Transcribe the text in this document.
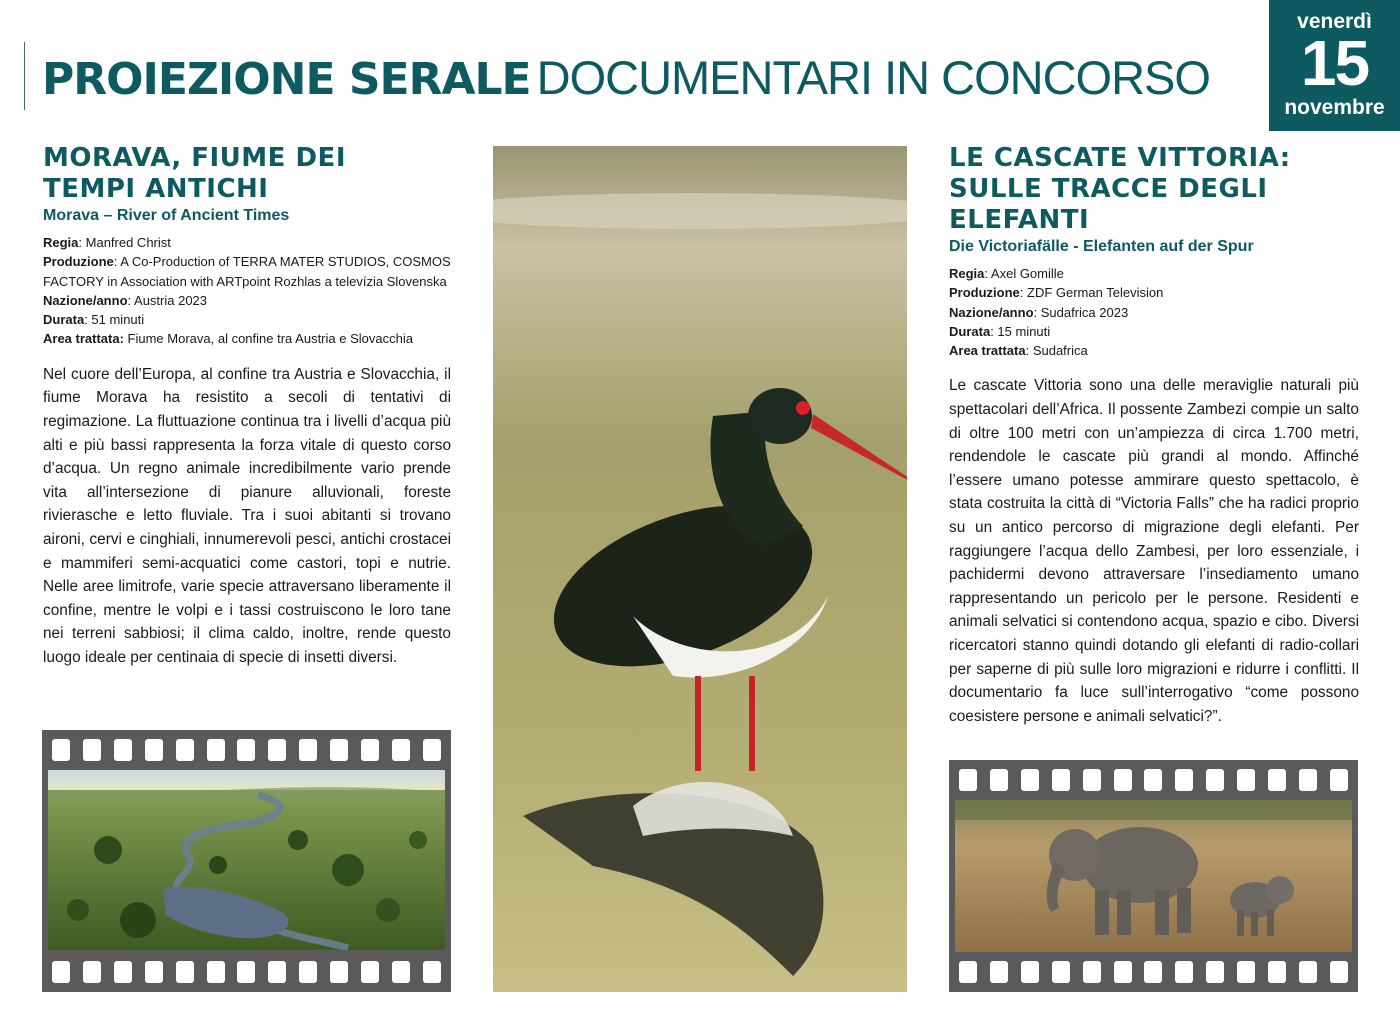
PROIEZIONE SERALE DOCUMENTARI IN CONCORSO
venerdì
15
novembre
MORAVA, FIUME DEI
TEMPI ANTICHI
Morava – River of Ancient Times
Regia: Manfred Christ
Produzione: A Co-Production of TERRA MATER STUDIOS, COSMOS FACTORY in Association with ARTpoint Rozhlas a televízia Slovenska
Nazione/anno: Austria 2023
Durata: 51 minuti
Area trattata: Fiume Morava, al confine tra Austria e Slovacchia
Nel cuore dell’Europa, al confine tra Austria e Slovacchia, il fiume Morava ha resistito a secoli di tentativi di regimazione. La fluttuazione continua tra i livelli d’acqua più alti e più bassi rappresenta la forza vitale di questo corso d’acqua. Un regno animale incredibilmente vario prende vita all’intersezione di pianure alluvionali, foreste rivierasche e letto fluviale. Tra i suoi abitanti si trovano aironi, cervi e cinghiali, innumerevoli pesci, antichi crostacei e mammiferi semi-acquatici come castori, topi e nutrie. Nelle aree limitrofe, varie specie attraversano liberamente il confine, mentre le volpi e i tassi costruiscono le loro tane nei terreni sabbiosi; il clima caldo, inoltre, rende questo luogo ideale per centinaia di specie di insetti diversi.
LE CASCATE VITTORIA:
SULLE TRACCE DEGLI
ELEFANTI
Die Victoriafälle - Elefanten auf der Spur
Regia: Axel Gomille
Produzione: ZDF German Television
Nazione/anno: Sudafrica 2023
Durata: 15 minuti
Area trattata: Sudafrica
Le cascate Vittoria sono una delle meraviglie naturali più spettacolari dell’Africa. Il possente Zambezi compie un salto di oltre 100 metri con un’ampiezza di circa 1.700 metri, rendendole le cascate più grandi al mondo. Affinché l’essere umano potesse ammirare questo spettacolo, è stata costruita la città di “Victoria Falls” che ha radici proprio su un antico percorso di migrazione degli elefanti. Per raggiungere l’acqua dello Zambesi, per loro essenziale, i pachidermi devono attraversare l’insediamento umano rappresentando un pericolo per le persone. Residenti e animali selvatici si contendono acqua, spazio e cibo. Diversi ricercatori stanno quindi dotando gli elefanti di radio-collari per saperne di più sulle loro migrazioni e ridurre i conflitti. Il documentario fa luce sull’interrogativo “come possono coesistere persone e animali selvatici?”.
